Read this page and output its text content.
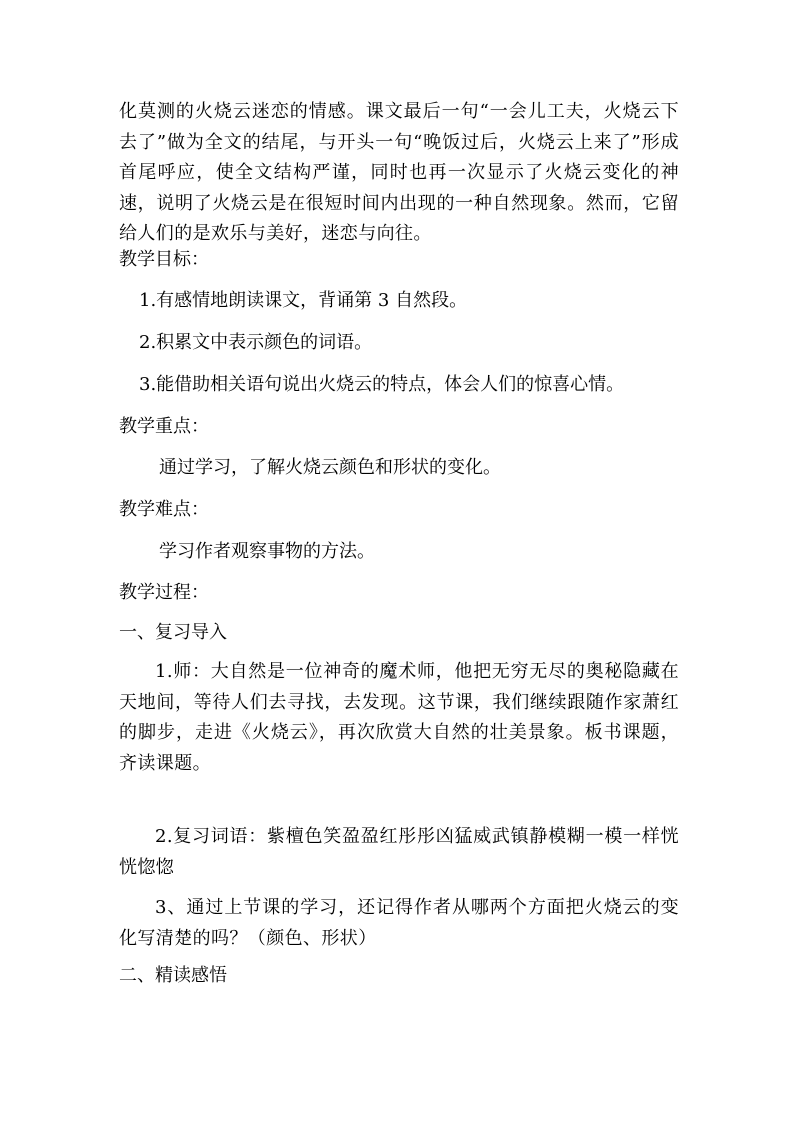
化莫测的火烧云迷恋的情感。课文最后一句“一会儿工夫，火烧云下去了”做为全文的结尾，与开头一句“晚饭过后，火烧云上来了”形成首尾呼应，使全文结构严谨，同时也再一次显示了火烧云变化的神速，说明了火烧云是在很短时间内出现的一种自然现象。然而，它留给人们的是欢乐与美好，迷恋与向往。

教学目标：

1.有感情地朗读课文，背诵第 3 自然段。

2.积累文中表示颜色的词语。

3.能借助相关语句说出火烧云的特点，体会人们的惊喜心情。

教学重点：

通过学习，了解火烧云颜色和形状的变化。

教学难点：

学习作者观察事物的方法。

教学过程：

一、复习导入

1.师：大自然是一位神奇的魔术师，他把无穷无尽的奥秘隐藏在天地间，等待人们去寻找，去发现。这节课，我们继续跟随作家萧红的脚步，走进《火烧云》，再次欣赏大自然的壮美景象。板书课题，齐读课题。

2.复习词语：紫檀色笑盈盈红彤彤凶猛威武镇静模糊一模一样恍恍惚惚

3、通过上节课的学习，还记得作者从哪两个方面把火烧云的变化写清楚的吗？（颜色、形状）

二、精读感悟
